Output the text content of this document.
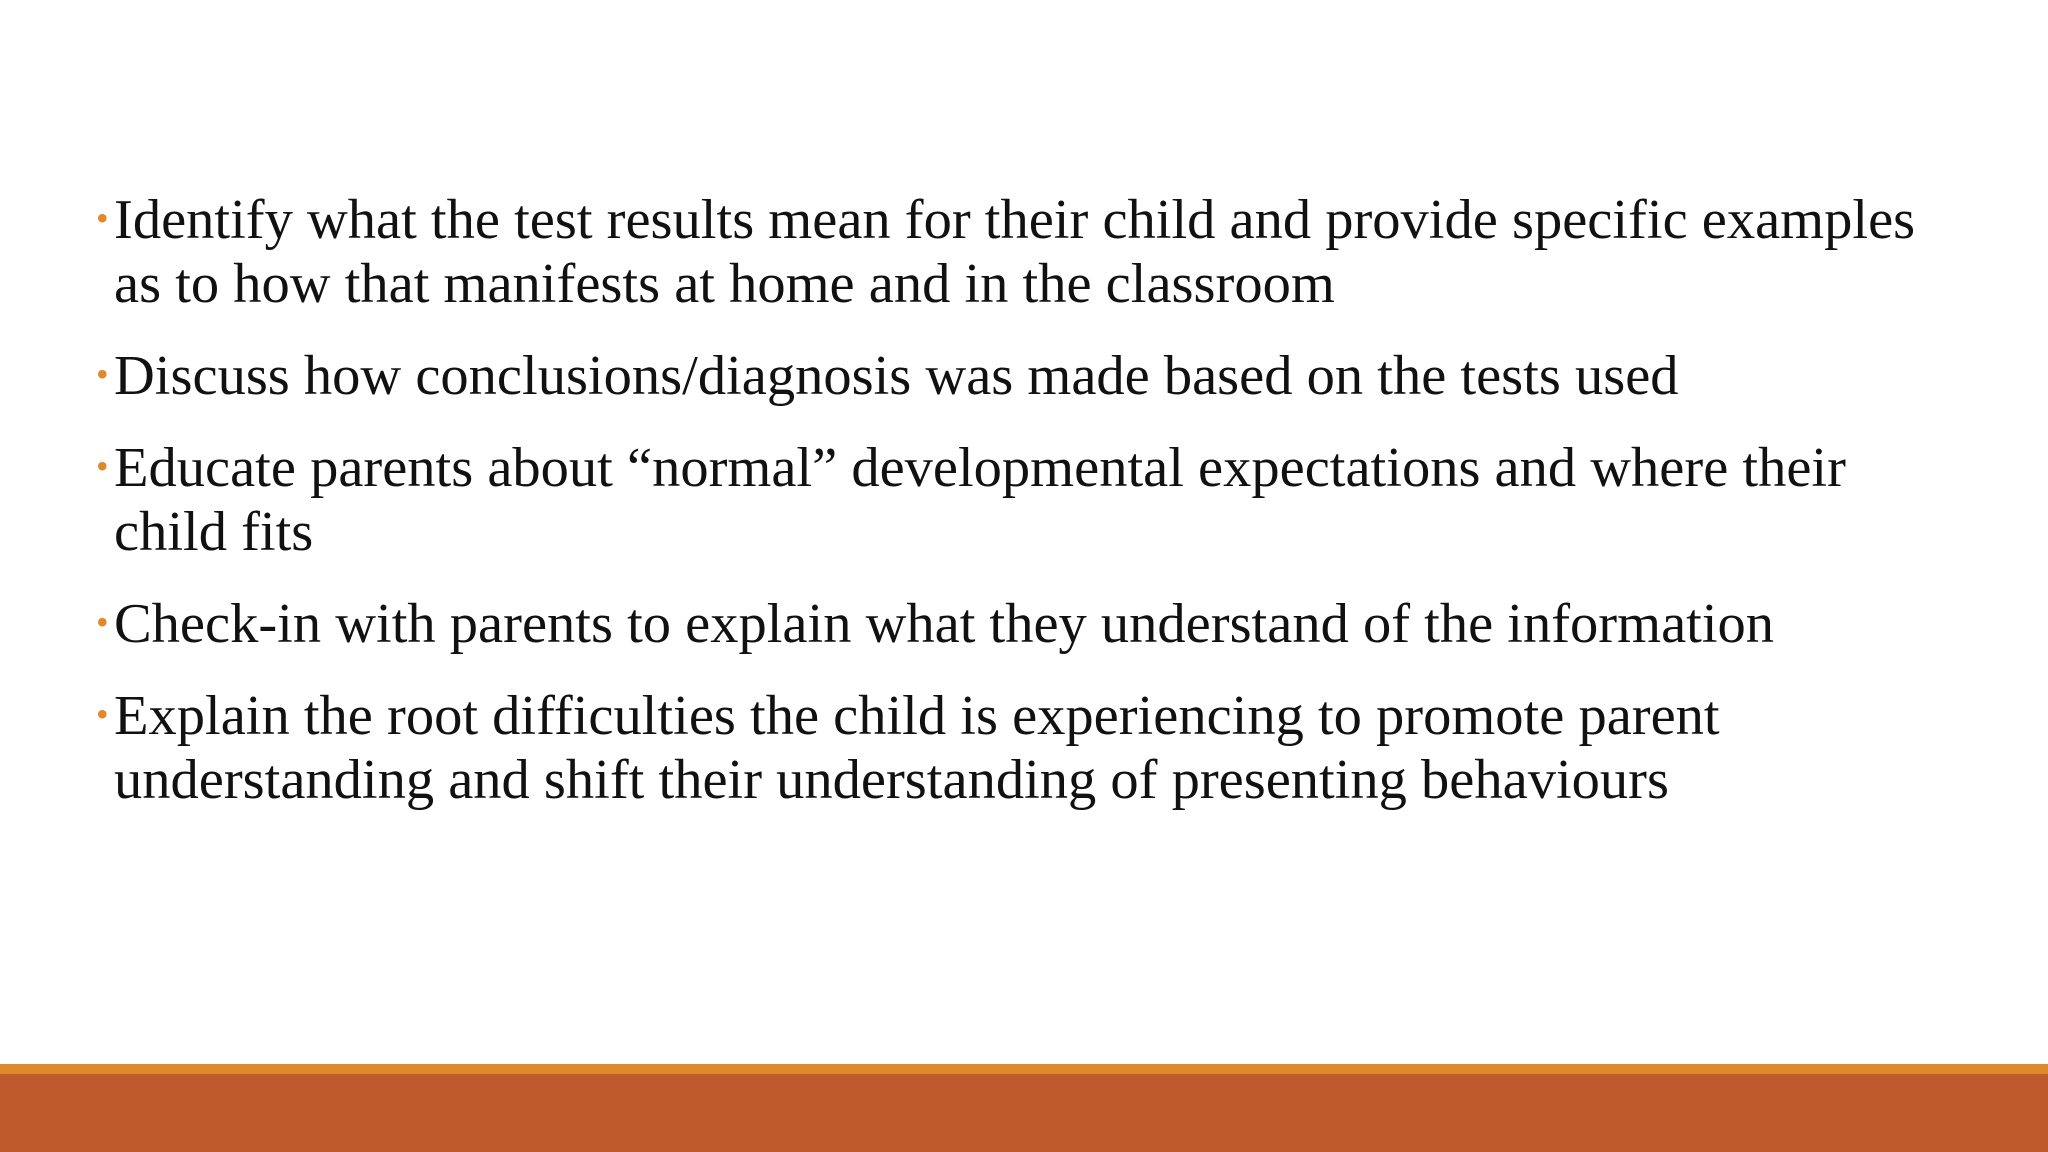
• Identify what the test results mean for their child and provide specific examples as to how that manifests at home and in the classroom
• Discuss how conclusions/diagnosis was made based on the tests used
• Educate parents about “normal” developmental expectations and where their child fits
• Check-in with parents to explain what they understand of the information
• Explain the root difficulties the child is experiencing to promote parent understanding and shift their understanding of presenting behaviours
